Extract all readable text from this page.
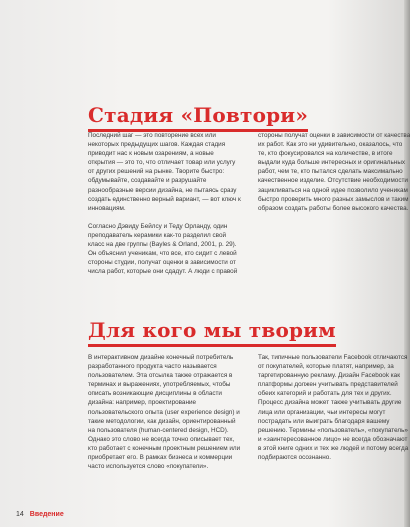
Стадия «Повтори»

Последний шаг — это повторение всех или некоторых предыдущих шагов. Каждая стадия приводит нас к новым озарениям, а новые открытия — это то, что отличает товар или услугу от других решений на рынке. Творите быстро: обдумывайте, создавайте и разрушайте разнообразные версии дизайна, не пытаясь сразу создать единственно верный вариант, — вот ключ к инновациям.

Согласно Дэвиду Бейлсу и Теду Орланду, один преподаватель керамики как-то разделил свой класс на две группы (Bayles & Orland, 2001, p. 29). Он объяснил ученикам, что все, кто сидит с левой стороны студии, получат оценки в зависимости от числа работ, которые они сдадут. А люди с правой

стороны получат оценки в зависимости от качества их работ. Как это ни удивительно, оказалось, что те, кто фокусировался на количестве, в итоге выдали куда больше интересных и оригинальных работ, чем те, кто пытался сделать максимально качественное изделие. Отсутствие необходимости зацикливаться на одной идее позволило ученикам быстро проверить много разных замыслов и таким образом создать работы более высокого качества.

Для кого мы творим

В интерактивном дизайне конечный потребитель разработанного продукта часто называется пользователем. Эта отсылка также отражается в терминах и выражениях, употребляемых, чтобы описать возникающие дисциплины в области дизайна: например, проектирование пользовательского опыта (user experience design) и такие методологии, как дизайн, ориентированный на пользователя (human-centered design, HCD). Однако это слово не всегда точно описывает тех, кто работает с конечным проектным решением или приобретает его. В рамках бизнеса и коммерции часто используется слово «покупатели».

Так, типичные пользователи Facebook отличаются от покупателей, которые платят, например, за таргетированную рекламу. Дизайн Facebook как платформы должен учитывать представителей обеих категорий и работать для тех и других. Процесс дизайна может также учитывать другие лица или организации, чьи интересы могут пострадать или выиграть благодаря вашему решению. Термины «пользователь», «покупатель» и «заинтересованное лицо» не всегда обозначают в этой книге одних и тех же людей и потому всегда подбираются осознанно.

14 Введение
